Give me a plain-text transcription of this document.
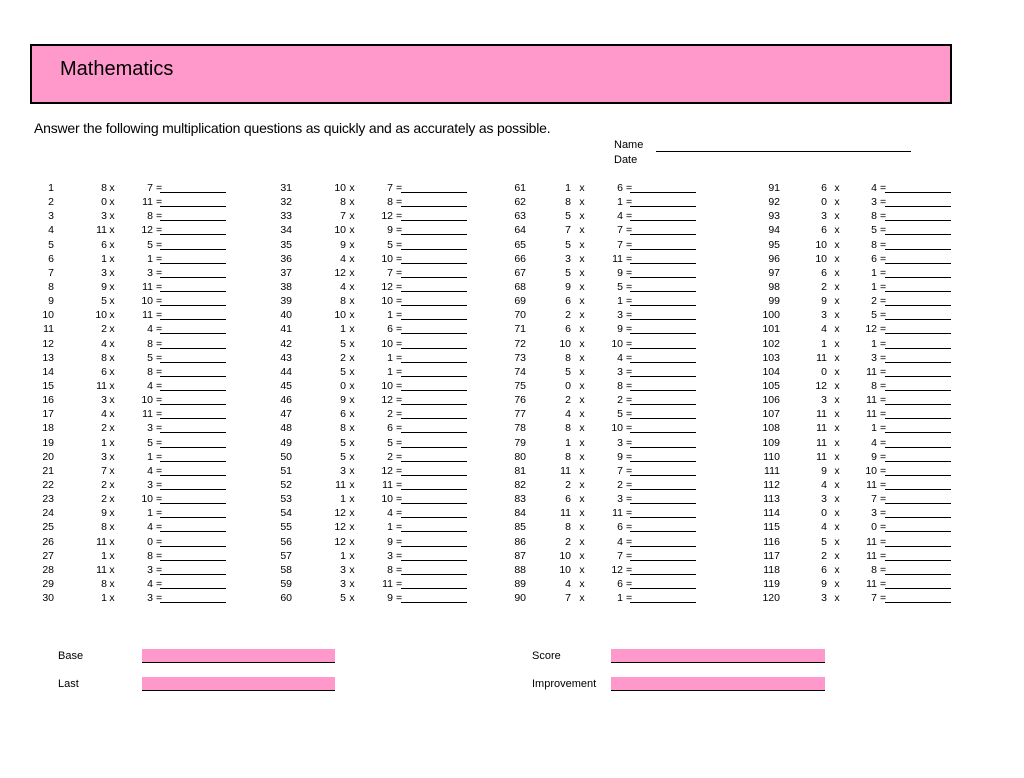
Mathematics
Answer the following multiplication questions as quickly and as accurately as possible.
Name
Date
1	8 x	7 =
2	0 x	11 =
3	3 x	8 =
4	11 x	12 =
5	6 x	5 =
6	1 x	1 =
7	3 x	3 =
8	9 x	11 =
9	5 x	10 =
10	10 x	11 =
11	2 x	4 =
12	4 x	8 =
13	8 x	5 =
14	6 x	8 =
15	11 x	4 =
16	3 x	10 =
17	4 x	11 =
18	2 x	3 =
19	1 x	5 =
20	3 x	1 =
21	7 x	4 =
22	2 x	3 =
23	2 x	10 =
24	9 x	1 =
25	8 x	4 =
26	11 x	0 =
27	1 x	8 =
28	11 x	3 =
29	8 x	4 =
30	1 x	3 =
31	10 x	7 =
32	8 x	8 =
33	7 x	12 =
34	10 x	9 =
35	9 x	5 =
36	4 x	10 =
37	12 x	7 =
38	4 x	12 =
39	8 x	10 =
40	10 x	1 =
41	1 x	6 =
42	5 x	10 =
43	2 x	1 =
44	5 x	1 =
45	0 x	10 =
46	9 x	12 =
47	6 x	2 =
48	8 x	6 =
49	5 x	5 =
50	5 x	2 =
51	3 x	12 =
52	11 x	11 =
53	1 x	10 =
54	12 x	4 =
55	12 x	1 =
56	12 x	9 =
57	1 x	3 =
58	3 x	8 =
59	3 x	11 =
60	5 x	9 =
61	1 x	6 =
62	8 x	1 =
63	5 x	4 =
64	7 x	7 =
65	5 x	7 =
66	3 x	11 =
67	5 x	9 =
68	9 x	5 =
69	6 x	1 =
70	2 x	3 =
71	6 x	9 =
72	10 x	10 =
73	8 x	4 =
74	5 x	3 =
75	0 x	8 =
76	2 x	2 =
77	4 x	5 =
78	8 x	10 =
79	1 x	3 =
80	8 x	9 =
81	11 x	7 =
82	2 x	2 =
83	6 x	3 =
84	11 x	11 =
85	8 x	6 =
86	2 x	4 =
87	10 x	7 =
88	10 x	12 =
89	4 x	6 =
90	7 x	1 =
91	6 x	4 =
92	0 x	3 =
93	3 x	8 =
94	6 x	5 =
95	10 x	8 =
96	10 x	6 =
97	6 x	1 =
98	2 x	1 =
99	9 x	2 =
100	3 x	5 =
101	4 x	12 =
102	1 x	1 =
103	11 x	3 =
104	0 x	11 =
105	12 x	8 =
106	3 x	11 =
107	11 x	11 =
108	11 x	1 =
109	11 x	4 =
110	11 x	9 =
111	9 x	10 =
112	4 x	11 =
113	3 x	7 =
114	0 x	3 =
115	4 x	0 =
116	5 x	11 =
117	2 x	11 =
118	6 x	8 =
119	9 x	11 =
120	3 x	7 =
Base
Last
Score
Improvement
